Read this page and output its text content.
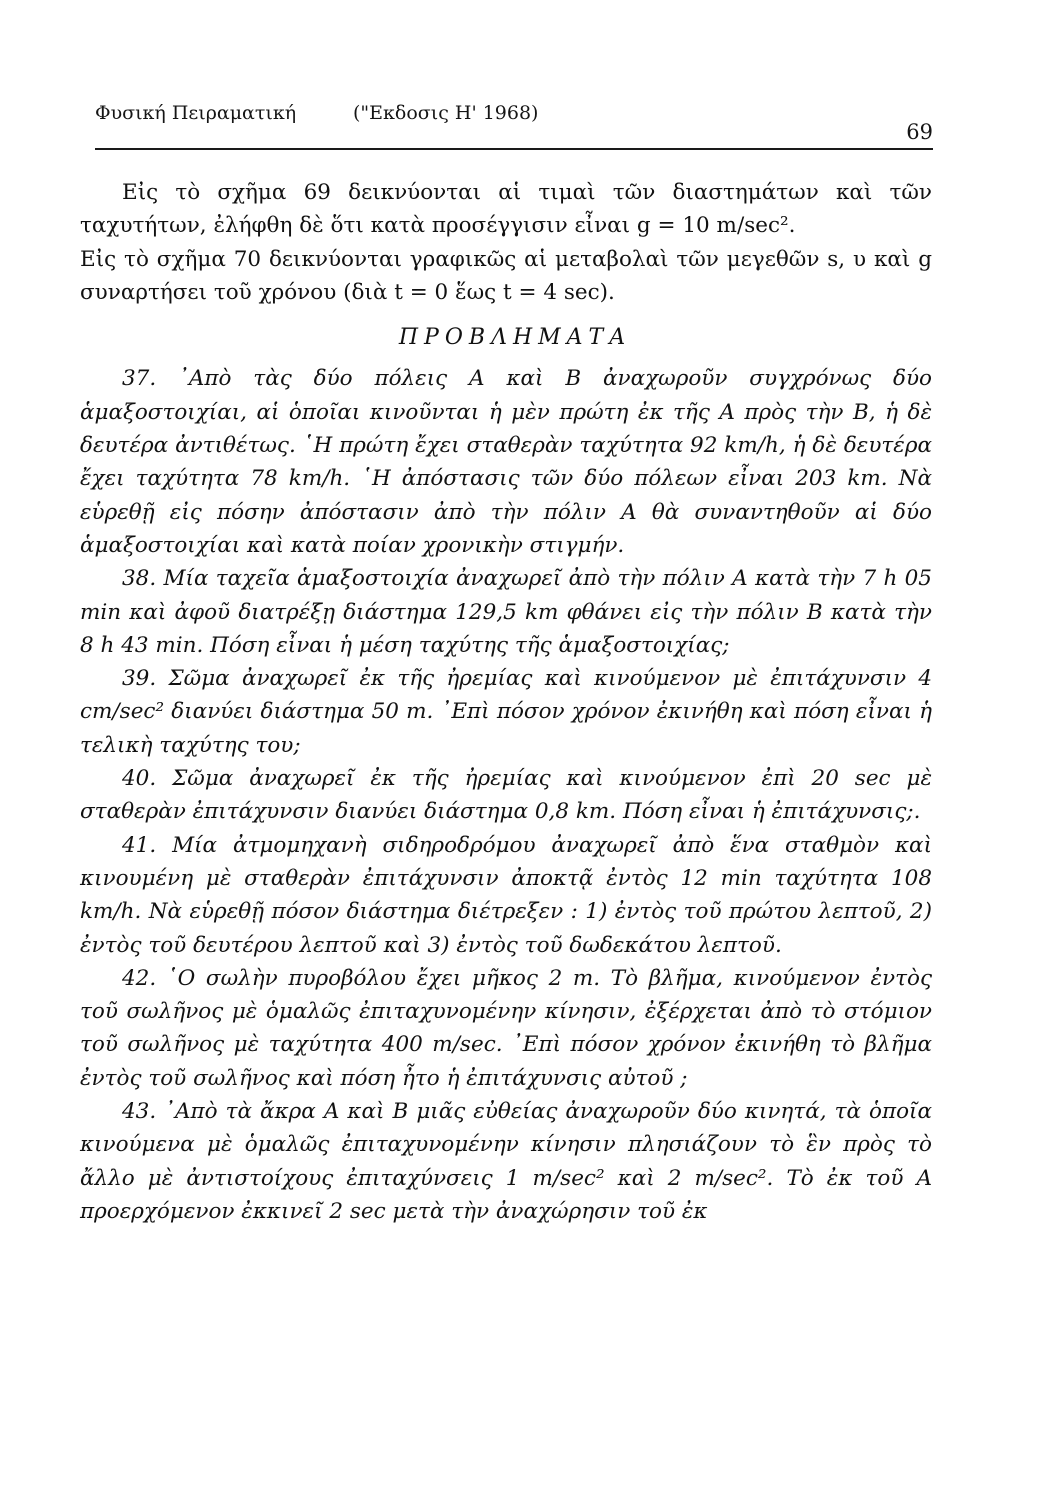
Φυσική Πειραματική	("Εκδοσις Η' 1968)
69

Εἰς τὸ σχῆμα 69 δεικνύονται αἱ τιμαὶ τῶν διαστημάτων καὶ τῶν ταχυτήτων, ἐλήφθη δὲ ὅτι κατὰ προσέγγισιν εἶναι g = 10 m/sec².

Εἰς τὸ σχῆμα 70 δεικνύονται γραφικῶς αἱ μεταβολαὶ τῶν μεγεθῶν s, υ καὶ g συναρτήσει τοῦ χρόνου (διὰ t = 0 ἕως t = 4 sec).

ΠΡΟΒΛΗΜΑΤΑ

37. ᾿Απὸ τὰς δύο πόλεις Α καὶ Β ἀναχωροῦν συγχρόνως δύο ἁμαξοστοιχίαι, αἱ ὁποῖαι κινοῦνται ἡ μὲν πρώτη ἐκ τῆς Α πρὸς τὴν Β, ἡ δὲ δευτέρα ἀντιθέτως. ῾Η πρώτη ἔχει σταθερὰν ταχύτητα 92 km/h, ἡ δὲ δευτέρα ἔχει ταχύτητα 78 km/h. ῾Η ἀπόστασις τῶν δύο πόλεων εἶναι 203 km. Νὰ εὑρεθῇ εἰς πόσην ἀπόστασιν ἀπὸ τὴν πόλιν Α θὰ συναντηθοῦν αἱ δύο ἁμαξοστοιχίαι καὶ κατὰ ποίαν χρονικὴν στιγμήν.

38. Μία ταχεῖα ἁμαξοστοιχία ἀναχωρεῖ ἀπὸ τὴν πόλιν Α κατὰ τὴν 7 h 05 min καὶ ἀφοῦ διατρέξῃ διάστημα 129,5 km φθάνει εἰς τὴν πόλιν Β κατὰ τὴν 8 h 43 min. Πόση εἶναι ἡ μέση ταχύτης τῆς ἁμαξοστοιχίας;

39. Σῶμα ἀναχωρεῖ ἐκ τῆς ἠρεμίας καὶ κινούμενον μὲ ἐπιτάχυνσιν 4 cm/sec² διανύει διάστημα 50 m. ᾿Επὶ πόσον χρόνον ἐκινήθη καὶ πόση εἶναι ἡ τελικὴ ταχύτης του;

40. Σῶμα ἀναχωρεῖ ἐκ τῆς ἠρεμίας καὶ κινούμενον ἐπὶ 20 sec μὲ σταθερὰν ἐπιτάχυνσιν διανύει διάστημα 0,8 km. Πόση εἶναι ἡ ἐπιτάχυνσις;.

41. Μία ἀτμομηχανὴ σιδηροδρόμου ἀναχωρεῖ ἀπὸ ἕνα σταθμὸν καὶ κινουμένη μὲ σταθερὰν ἐπιτάχυνσιν ἀποκτᾷ ἐντὸς 12 min ταχύτητα 108 km/h. Νὰ εὑρεθῇ πόσον διάστημα διέτρεξεν : 1) ἐντὸς τοῦ πρώτου λεπτοῦ, 2) ἐντὸς τοῦ δευτέρου λεπτοῦ καὶ 3) ἐντὸς τοῦ δωδεκάτου λεπτοῦ.

42. ῾Ο σωλὴν πυροβόλου ἔχει μῆκος 2 m. Τὸ βλῆμα, κινούμενον ἐντὸς τοῦ σωλῆνος μὲ ὁμαλῶς ἐπιταχυνομένην κίνησιν, ἐξέρχεται ἀπὸ τὸ στόμιον τοῦ σωλῆνος μὲ ταχύτητα 400 m/sec. ᾿Επὶ πόσον χρόνον ἐκινήθη τὸ βλῆμα ἐντὸς τοῦ σωλῆνος καὶ πόση ἦτο ἡ ἐπιτάχυνσις αὐτοῦ ;

43. ᾿Απὸ τὰ ἄκρα Α καὶ Β μιᾶς εὐθείας ἀναχωροῦν δύο κινητά, τὰ ὁποῖα κινούμενα μὲ ὁμαλῶς ἐπιταχυνομένην κίνησιν πλησιάζουν τὸ ἓν πρὸς τὸ ἄλλο μὲ ἀντιστοίχους ἐπιταχύνσεις 1 m/sec² καὶ 2 m/sec². Τὸ ἐκ τοῦ Α προερχόμενον ἐκκινεῖ 2 sec μετὰ τὴν ἀναχώρησιν τοῦ ἐκ
